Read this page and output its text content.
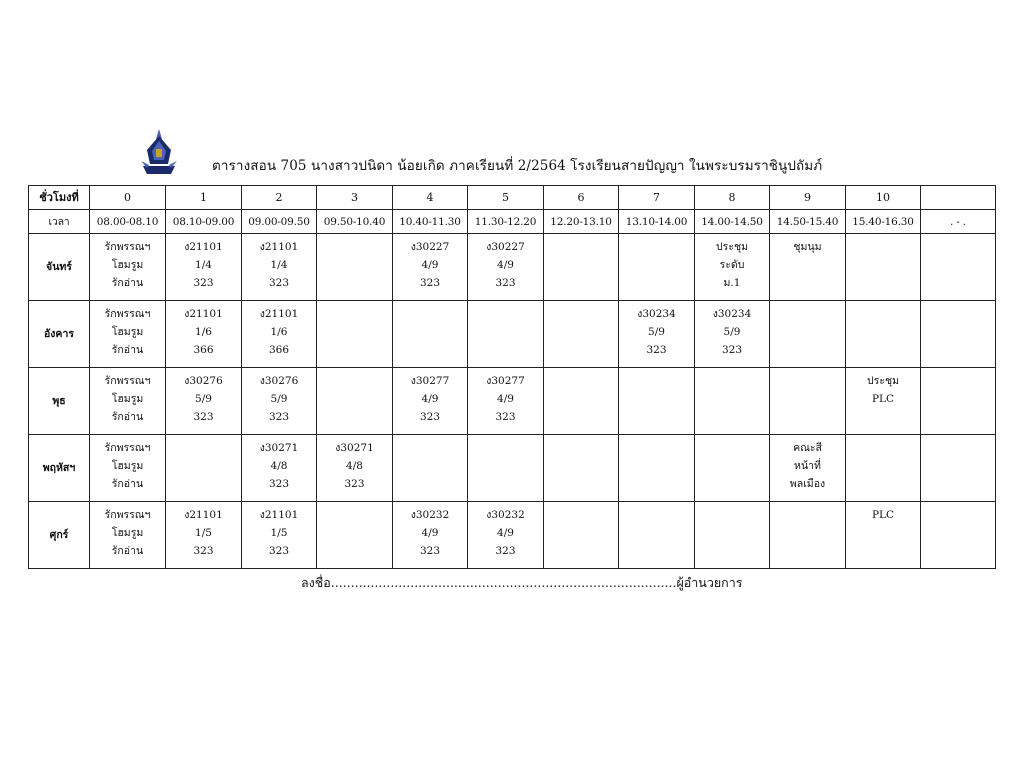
ตารางสอน 705 นางสาวปนิดา น้อยเกิด ภาคเรียนที่ 2/2564 โรงเรียนสายปัญญา ในพระบรมราชินูปถัมภ์
ชั่วโมงที่	0	1	2	3	4	5	6	7	8	9	10	
เวลา	08.00-08.10	08.10-09.00	09.00-09.50	09.50-10.40	10.40-11.30	11.30-12.20	12.20-13.10	13.10-14.00	14.00-14.50	14.50-15.40	15.40-16.30	. - .
จันทร์	รักพรรณฯ
โฮมรูม
รักอ่าน	ง21101
1/4
323	ง21101
1/4
323		ง30227
4/9
323	ง30227
4/9
323			ประชุม
ระดับ
ม.1	ชุมนุม		

อังคาร	รักพรรณฯ
โฮมรูม
รักอ่าน	ง21101
1/6
366	ง21101
1/6
366					ง30234
5/9
323	ง30234
5/9
323			

พุธ	รักพรรณฯ
โฮมรูม
รักอ่าน	ง30276
5/9
323	ง30276
5/9
323		ง30277
4/9
323	ง30277
4/9
323					ประชุม
PLC	

พฤหัสฯ	รักพรรณฯ
โฮมรูม
รักอ่าน		ง30271
4/8
323	ง30271
4/8
323						คณะสี
หน้าที่
พลเมือง		

ศุกร์	รักพรรณฯ
โฮมรูม
รักอ่าน	ง21101
1/5
323	ง21101
1/5
323		ง30232
4/9
323	ง30232
4/9
323					PLC	

ลงชื่อ.......................................................................................ผู้อำนวยการ
